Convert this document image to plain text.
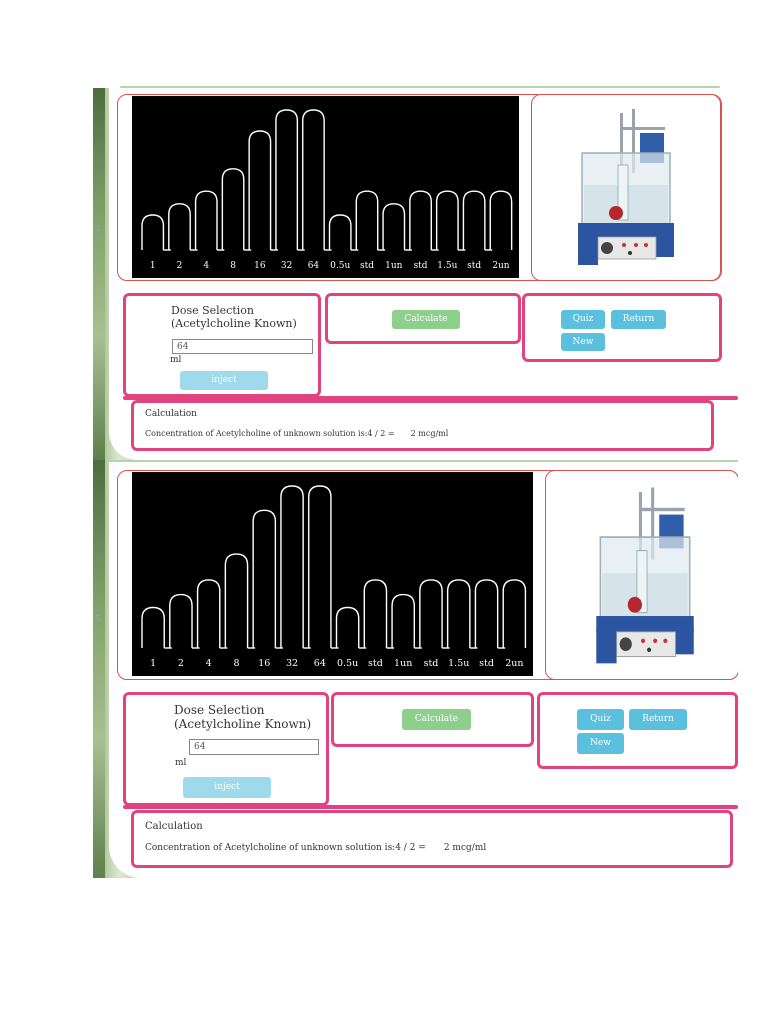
.5
1 2 4 8 16 32 64 0.5u std 1un std 1.5u std 2un
Dose Selection
(Acetylcholine Known)
64
ml
inject
Calculate	Quiz	Return
New
Calculation
Concentration of Acetylcholine of unknown solution is:4 / 2 = 2 mcg/ml
.5
1 2 4 8 16 32 64 0.5u std 1un std 1.5u std 2un
Dose Selection
(Acetylcholine Known)
64
ml
inject
Calculate	Quiz	Return
New
Calculation
Concentration of Acetylcholine of unknown solution is:4 / 2 = 2 mcg/ml
